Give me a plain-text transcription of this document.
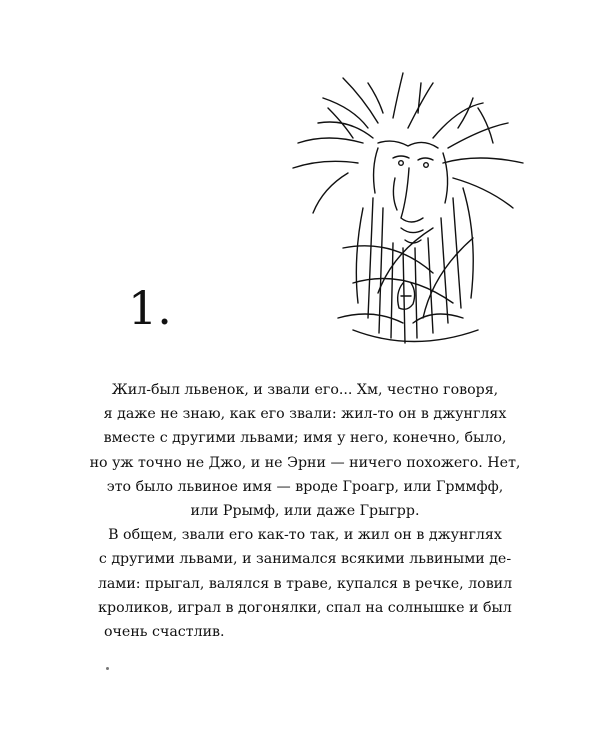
1.
Жил-был львенок, и звали его... Хм, честно говоря,
я даже не знаю, как его звали: жил-то он в джунглях
вместе с другими львами; имя у него, конечно, было,
но уж точно не Джо, и не Эрни — ничего похожего. Нет,
это было львиное имя — вроде Гроагр, или Грммфф,
или Ррымф, или даже Грыгрр.
В общем, звали его как-то так, и жил он в джунглях
с другими львами, и занимался всякими львиными де-
лами: прыгал, валялся в траве, купался в речке, ловил
кроликов, играл в догонялки, спал на солнышке и был
очень счастлив.
